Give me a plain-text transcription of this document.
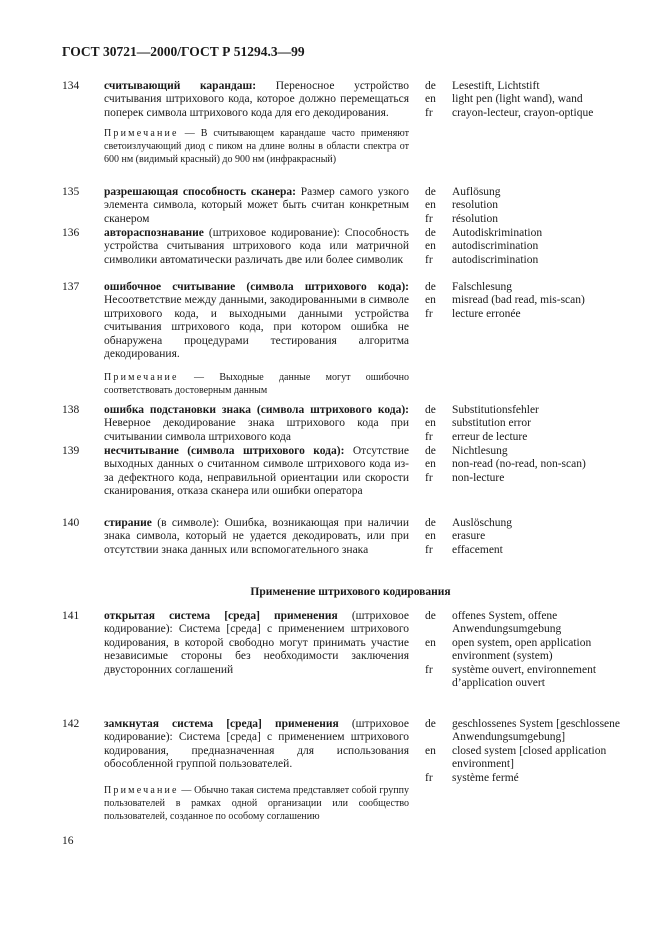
ГОСТ 30721—2000/ГОСТ Р 51294.3—99
134 считывающий карандаш: Переносное устройство считывания штрихового кода, которое должно перемещаться поперек символа штрихового кода для его декодирования.
Примечание — В считывающем карандаше часто применяют светоизлучающий диод с пиком на длине волны в области спектра от 600 нм (видимый красный) до 900 нм (инфракрасный)
de	Lesestift, Lichtstift
en	light pen (light wand), wand
fr	crayon-lecteur, crayon-optique
135 разрешающая способность сканера: Размер самого узкого элемента символа, который может быть считан конкретным сканером
de	Auflösung
en	resolution
fr	résolution
136 автораспознавание (штриховое кодирование): Способность устройства считывания штрихового кода или матричной символики автоматически различать две или более символик
de	Autodiskrimination
en	autodiscrimination
fr	autodiscrimination
137 ошибочное считывание (символа штрихового кода): Несоответствие между данными, закодированными в символе штрихового кода, и выходными данными устройства считывания штрихового кода, при котором ошибка не обнаружена процедурами тестирования алгоритма декодирования.
Примечание — Выходные данные могут ошибочно соответствовать достоверным данным
de	Falschlesung
en	misread (bad read, mis-scan)
fr	lecture erronée
138 ошибка подстановки знака (символа штрихового кода): Неверное декодирование знака штрихового кода при считывании символа штрихового кода
de	Substitutionsfehler
en	substitution error
fr	erreur de lecture
139 несчитывание (символа штрихового кода): Отсутствие выходных данных о считанном символе штрихового кода из-за дефектного кода, неправильной ориентации или скорости сканирования, отказа сканера или ошибки оператора
de	Nichtlesung
en	non-read (no-read, non-scan)
fr	non-lecture
140 стирание (в символе): Ошибка, возникающая при наличии знака символа, который не удается декодировать, или при отсутствии знака данных или вспомогательного знака
de	Auslöschung
en	erasure
fr	effacement
Применение штрихового кодирования
141 открытая система [среда] применения (штриховое кодирование): Система [среда] с применением штрихового кодирования, в которой свободно могут принимать участие независимые стороны без необходимости заключения двусторонних соглашений
de	offenes System, offene Anwendungsumgebung
en	open system, open application environment (system)
fr	système ouvert, environnement d’application ouvert
142 замкнутая система [среда] применения (штриховое кодирование): Система [среда] с применением штрихового кодирования, предназначенная для использования обособленной группой пользователей.
Примечание — Обычно такая система представляет собой группу пользователей в рамках одной организации или сообщество пользователей, созданное по особому соглашению
de	geschlossenes System [geschlossene Anwendungsumgebung]
en	closed system [closed application environment]
fr	système fermé
16
